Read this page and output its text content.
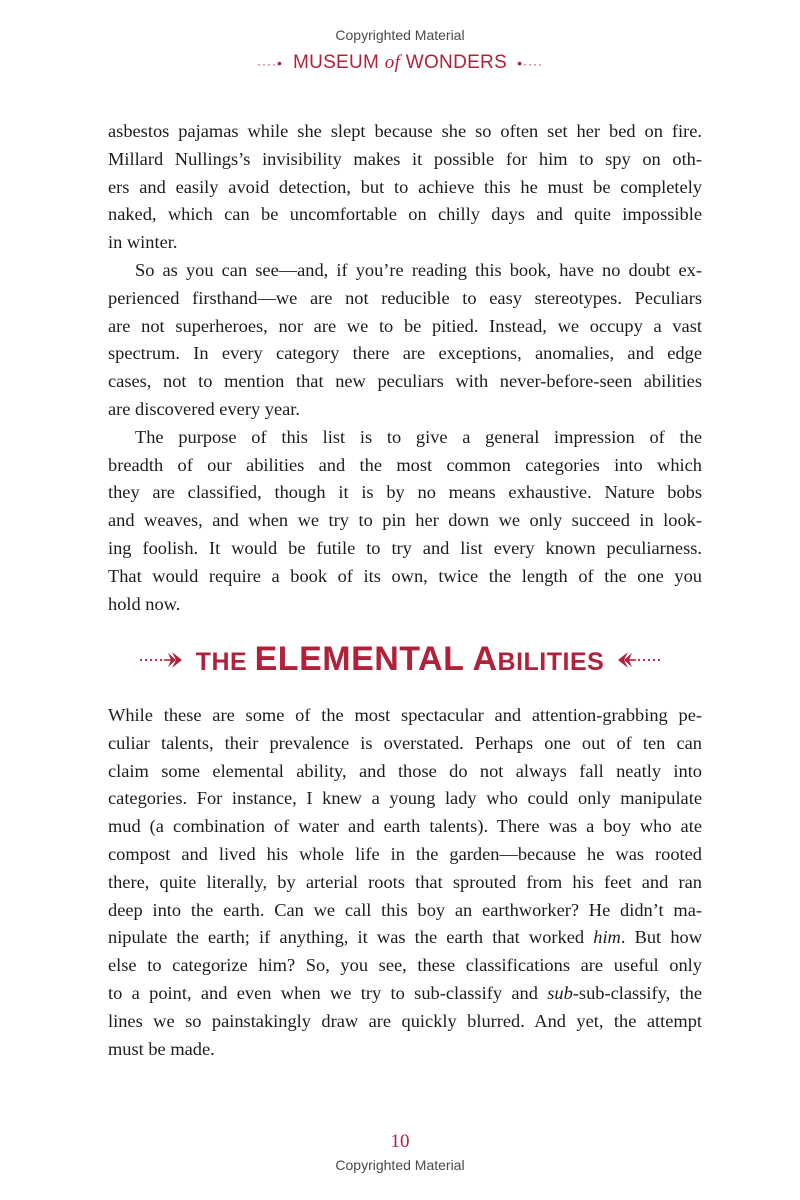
Copyrighted Material
····• MUSEUM of WONDERS •····

asbestos pajamas while she slept because she so often set her bed on fire.
Millard Nullings’s invisibility makes it possible for him to spy on oth-
ers and easily avoid detection, but to achieve this he must be completely
naked, which can be uncomfortable on chilly days and quite impossible
in winter.

So as you can see—and, if you’re reading this book, have no doubt ex-
perienced firsthand—we are not reducible to easy stereotypes. Peculiars
are not superheroes, nor are we to be pitied. Instead, we occupy a vast
spectrum. In every category there are exceptions, anomalies, and edge
cases, not to mention that new peculiars with never-before-seen abilities
are discovered every year.

The purpose of this list is to give a general impression of the
breadth of our abilities and the most common categories into which
they are classified, though it is by no means exhaustive. Nature bobs
and weaves, and when we try to pin her down we only succeed in look-
ing foolish. It would be futile to try and list every known peculiarness.
That would require a book of its own, twice the length of the one you
hold now.

THE ELEMENTAL ABILITIES

While these are some of the most spectacular and attention-grabbing pe-
culiar talents, their prevalence is overstated. Perhaps one out of ten can
claim some elemental ability, and those do not always fall neatly into
categories. For instance, I knew a young lady who could only manipulate
mud (a combination of water and earth talents). There was a boy who ate
compost and lived his whole life in the garden—because he was rooted
there, quite literally, by arterial roots that sprouted from his feet and ran
deep into the earth. Can we call this boy an earthworker? He didn’t ma-
nipulate the earth; if anything, it was the earth that worked him. But how
else to categorize him? So, you see, these classifications are useful only
to a point, and even when we try to sub-classify and sub-sub-classify, the
lines we so painstakingly draw are quickly blurred. And yet, the attempt
must be made.

10
Copyrighted Material
